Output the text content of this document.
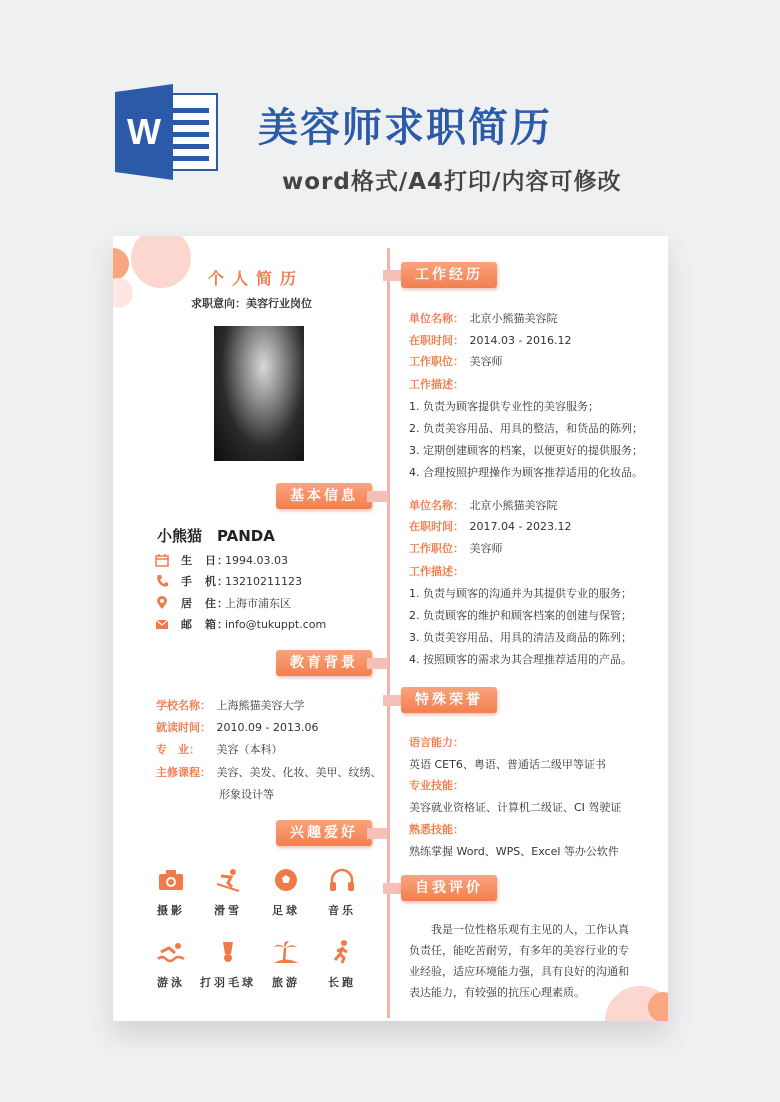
W 美容师求职简历
word格式/A4打印/内容可修改
个人简历
求职意向：美容行业岗位
基本信息
小熊猫　PANDA
生　日：
1994.03.03
手　机：
13210211123
居　住：
上海市浦东区
邮　箱：
info@tukuppt.com
教育背景
学校名称：　 上海熊猫美容大学
就读时间：　 2010.09 - 2013.06
专　业：　　 美容（本科）
主修课程：　 美容、美发、化妆、美甲、纹绣、
形象设计等
兴趣爱好
摄影	滑雪	足球	音乐
游泳	打羽毛球	旅游	长跑
工作经历
单位名称：　 北京小熊猫美容院
在职时间：　 2014.03 - 2016.12
工作职位：　 美容师
工作描述：
1. 负责为顾客提供专业性的美容服务；
2. 负责美容用品、用具的整洁，和货品的陈列；
3. 定期创建顾客的档案，以便更好的提供服务；
4. 合理按照护理操作为顾客推荐适用的化妆品。
单位名称：　 北京小熊猫美容院
在职时间：　 2017.04 - 2023.12
工作职位：　 美容师
工作描述：
1. 负责与顾客的沟通并为其提供专业的服务；
2. 负责顾客的维护和顾客档案的创建与保管；
3. 负责美容用品、用具的清洁及商品的陈列；
4. 按照顾客的需求为其合理推荐适用的产品。
特殊荣誉
语言能力：
英语 CET6、粤语、普通话二级甲等证书
专业技能：
美容就业资格证、计算机二级证、CI 驾驶证
熟悉技能：
熟练掌握 Word、WPS、Excel 等办公软件
自我评价
我是一位性格乐观有主见的人，工作认真负责任，能吃苦耐劳，有多年的美容行业的专业经验，适应环境能力强，具有良好的沟通和表达能力，有较强的抗压心理素质。
